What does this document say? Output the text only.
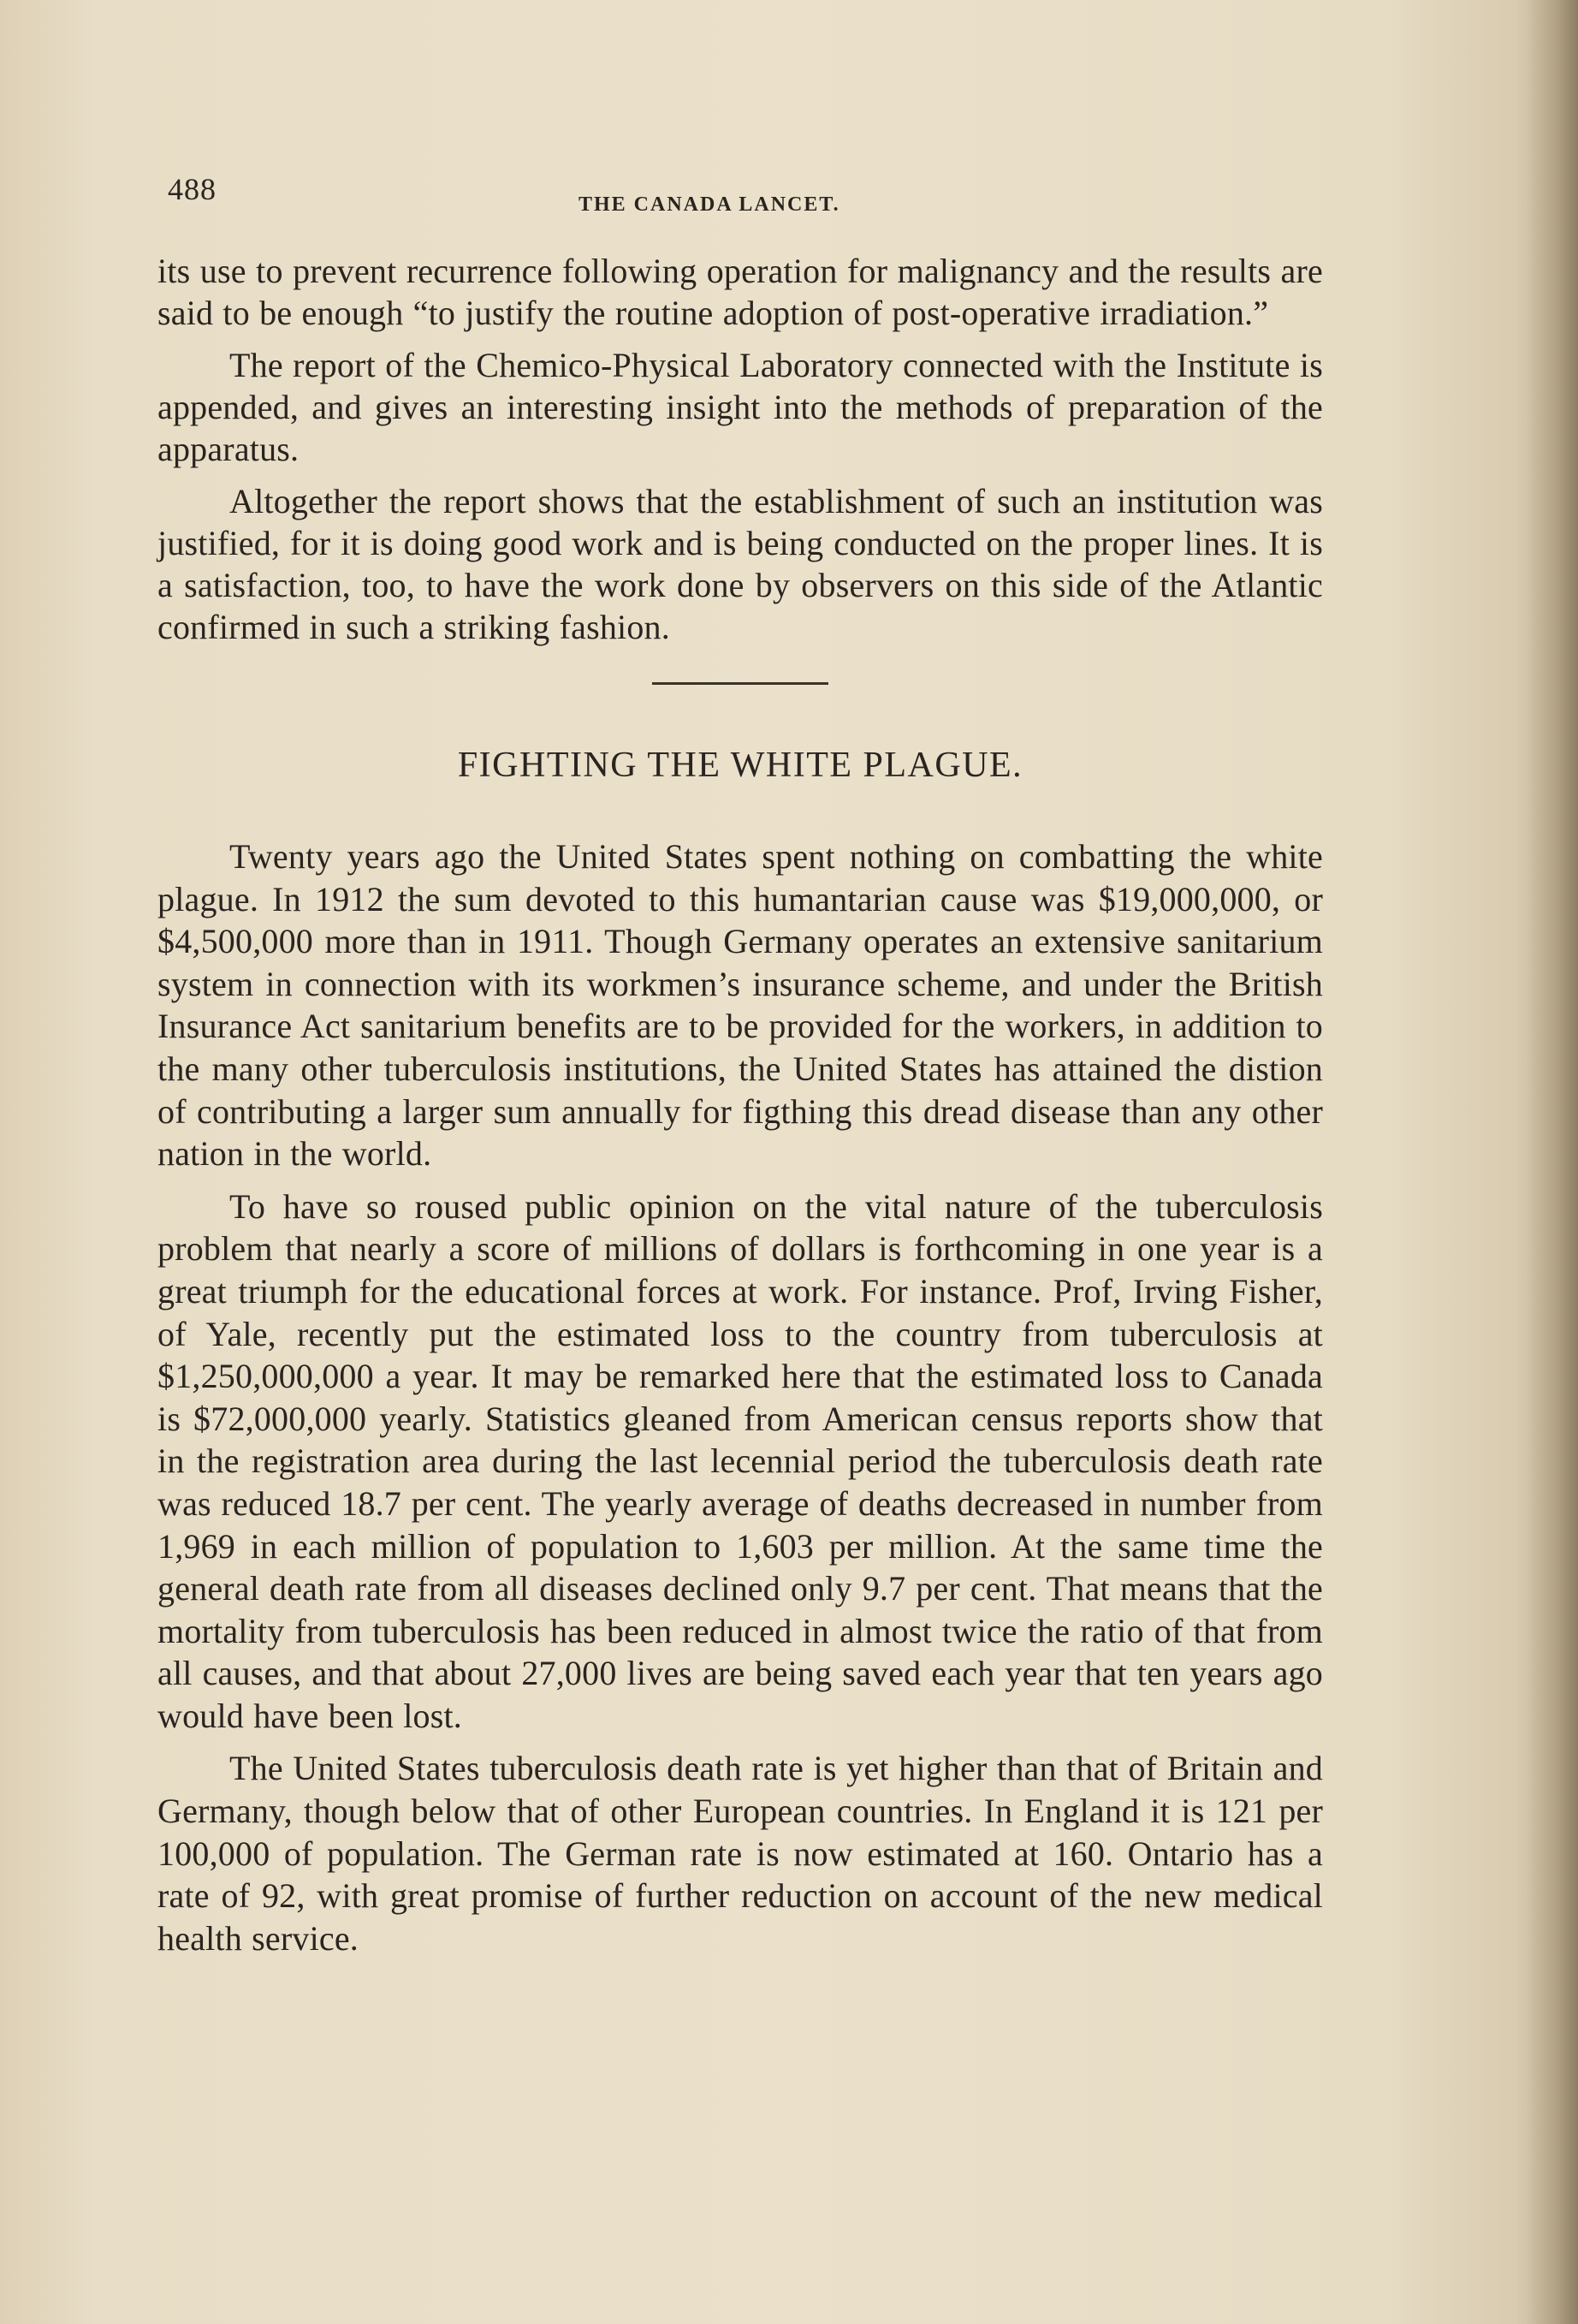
488	THE CANADA LANCET.

its use to prevent recurrence following operation for malignancy and the results are said to be enough “to justify the routine adoption of post-operative irradiation.”

The report of the Chemico-Physical Laboratory connected with the Institute is appended, and gives an interesting insight into the methods of preparation of the apparatus.

Altogether the report shows that the establishment of such an institution was justified, for it is doing good work and is being conducted on the proper lines. It is a satisfaction, too, to have the work done by observers on this side of the Atlantic confirmed in such a striking fashion.

FIGHTING THE WHITE PLAGUE.

Twenty years ago the United States spent nothing on combatting the white plague. In 1912 the sum devoted to this humantarian cause was $19,000,000, or $4,500,000 more than in 1911. Though Germany operates an extensive sanitarium system in connection with its workmen’s insurance scheme, and under the British Insurance Act sanitarium benefits are to be provided for the workers, in addition to the many other tuberculosis institutions, the United States has attained the distion of contributing a larger sum annually for figthing this dread disease than any other nation in the world.

To have so roused public opinion on the vital nature of the tuberculosis problem that nearly a score of millions of dollars is forthcoming in one year is a great triumph for the educational forces at work. For instance. Prof, Irving Fisher, of Yale, recently put the estimated loss to the country from tuberculosis at $1,250,000,000 a year. It may be remarked here that the estimated loss to Canada is $72,000,000 yearly. Statistics gleaned from American census reports show that in the registration area during the last lecennial period the tuberculosis death rate was reduced 18.7 per cent. The yearly average of deaths decreased in number from 1,969 in each million of population to 1,603 per million. At the same time the general death rate from all diseases declined only 9.7 per cent. That means that the mortality from tuberculosis has been reduced in almost twice the ratio of that from all causes, and that about 27,000 lives are being saved each year that ten years ago would have been lost.

The United States tuberculosis death rate is yet higher than that of Britain and Germany, though below that of other European countries. In England it is 121 per 100,000 of population. The German rate is now estimated at 160. Ontario has a rate of 92, with great promise of further reduction on account of the new medical health service.
